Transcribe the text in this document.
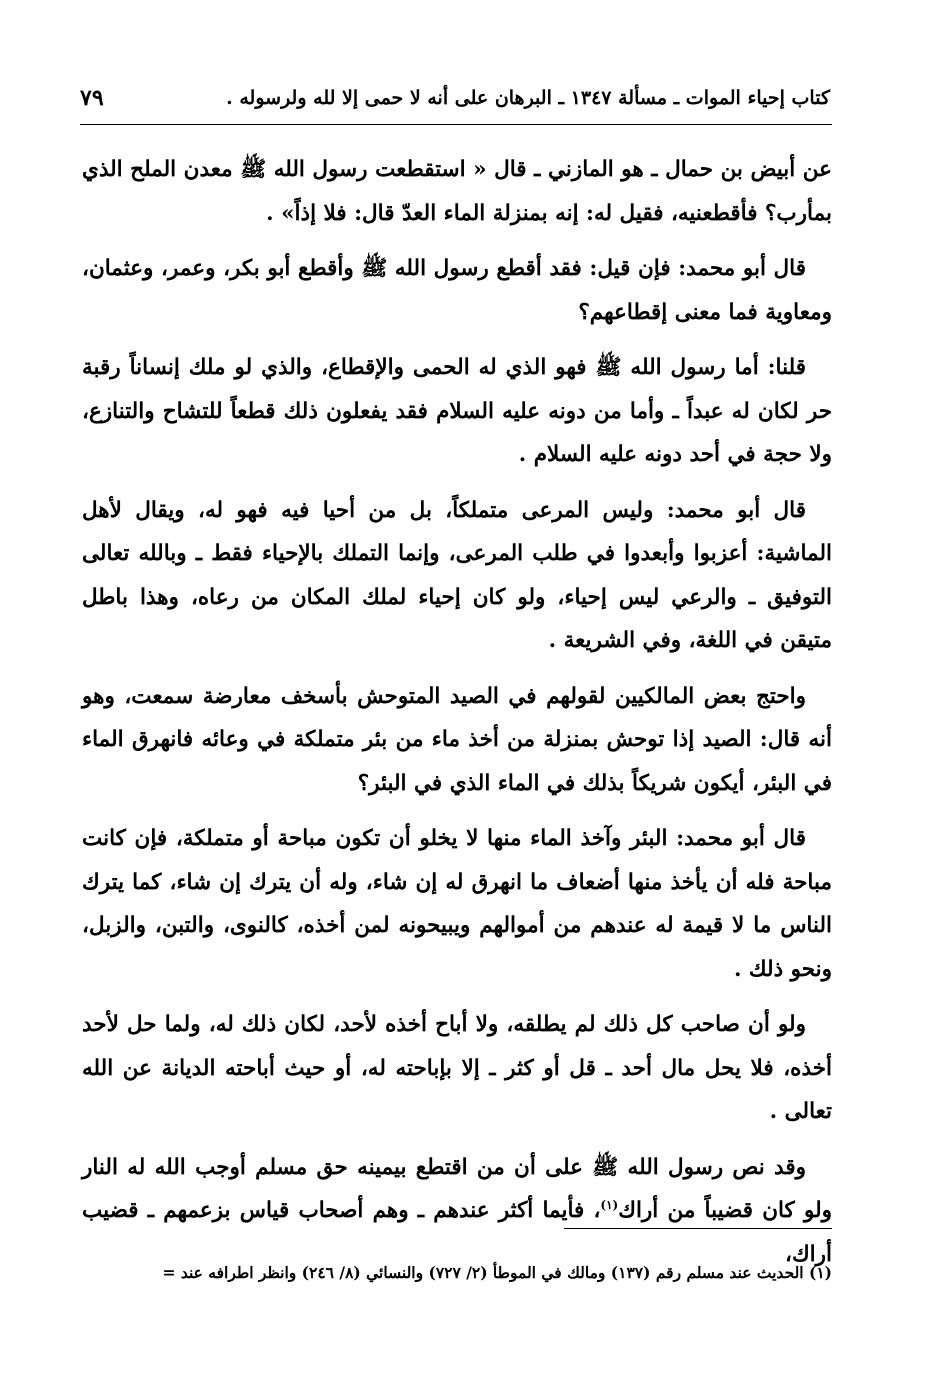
كتاب إحياء الموات ـ مسألة ١٣٤٧ ـ البرهان على أنه لا حمى إلا لله ولرسوله .
٧٩

عن أبيض بن حمال ـ هو المازني ـ قال « استقطعت رسول الله ﷺ معدن الملح الذي بمأرب؟ فأقطعنيه، فقيل له: إنه بمنزلة الماء العدّ قال: فلا إذاً» .

قال أبو محمد: فإن قيل: فقد أقطع رسول الله ﷺ وأقطع أبو بكر، وعمر، وعثمان، ومعاوية فما معنى إقطاعهم؟

قلنا: أما رسول الله ﷺ فهو الذي له الحمى والإقطاع، والذي لو ملك إنساناً رقبة حر لكان له عبداً ـ وأما من دونه عليه السلام فقد يفعلون ذلك قطعاً للتشاح والتنازع، ولا حجة في أحد دونه عليه السلام .

قال أبو محمد: وليس المرعى متملكاً، بل من أحيا فيه فهو له، ويقال لأهل الماشية: أعزبوا وأبعدوا في طلب المرعى، وإنما التملك بالإحياء فقط ـ وبالله تعالى التوفيق ـ والرعي ليس إحياء، ولو كان إحياء لملك المكان من رعاه، وهذا باطل متيقن في اللغة، وفي الشريعة .

واحتج بعض المالكيين لقولهم في الصيد المتوحش بأسخف معارضة سمعت، وهو أنه قال: الصيد إذا توحش بمنزلة من أخذ ماء من بئر متملكة في وعائه فانهرق الماء في البئر، أيكون شريكاً بذلك في الماء الذي في البئر؟

قال أبو محمد: البئر وآخذ الماء منها لا يخلو أن تكون مباحة أو متملكة، فإن كانت مباحة فله أن يأخذ منها أضعاف ما انهرق له إن شاء، وله أن يترك إن شاء، كما يترك الناس ما لا قيمة له عندهم من أموالهم ويبيحونه لمن أخذه، كالنوى، والتبن، والزبل، ونحو ذلك .

ولو أن صاحب كل ذلك لم يطلقه، ولا أباح أخذه لأحد، لكان ذلك له، ولما حل لأحد أخذه، فلا يحل مال أحد ـ قل أو كثر ـ إلا بإباحته له، أو حيث أباحته الديانة عن الله تعالى .

وقد نص رسول الله ﷺ على أن من اقتطع بيمينه حق مسلم أوجب الله له النار ولو كان قضيباً من أراك$^{(١)}$، فأيما أكثر عندهم ـ وهم أصحاب قياس بزعمهم ـ قضيب أراك،

(١) الحديث عند مسلم رقم (١٣٧) ومالك في الموطأ (٢/ ٧٢٧) والنسائي (٨/ ٢٤٦) وانظر اطرافه عند =
